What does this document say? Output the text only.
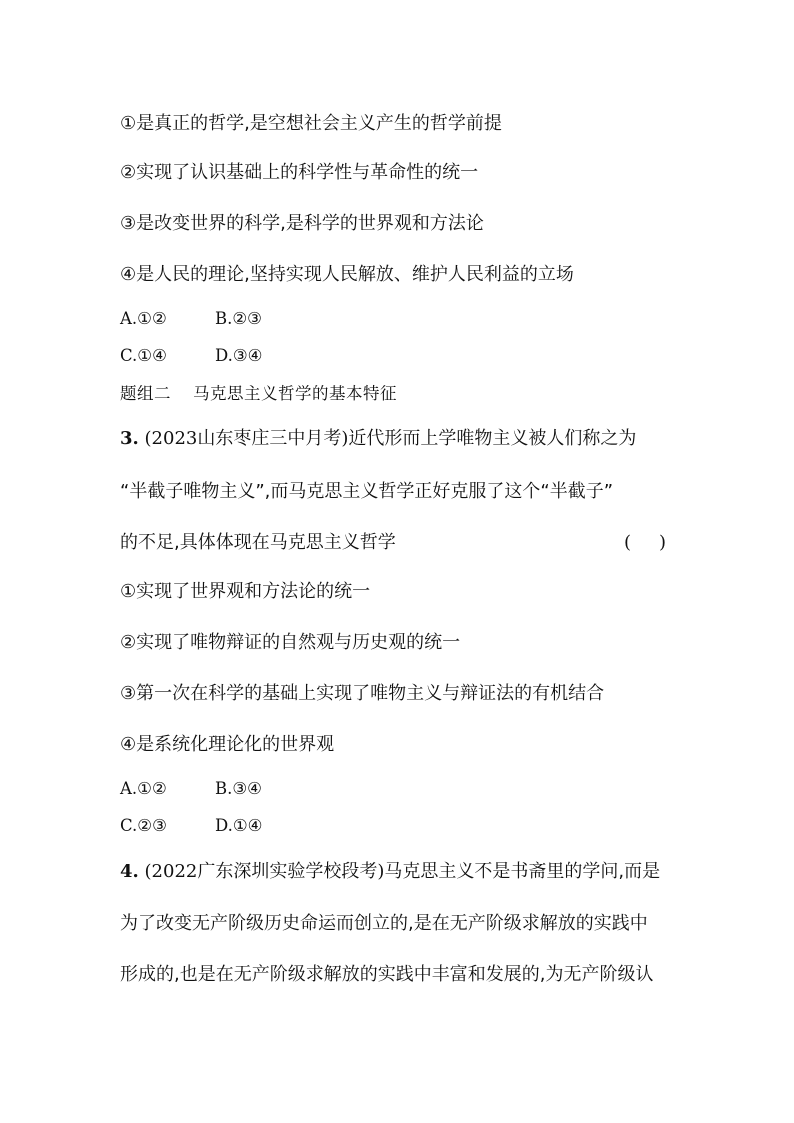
①是真正的哲学,是空想社会主义产生的哲学前提
②实现了认识基础上的科学性与革命性的统一
③是改变世界的科学,是科学的世界观和方法论
④是人民的理论,坚持实现人民解放、维护人民利益的立场
A.①②	B.②③
C.①④	D.③④
题组二 马克思主义哲学的基本特征
3. (2023山东枣庄三中月考)近代形而上学唯物主义被人们称之为
“半截子唯物主义”,而马克思主义哲学正好克服了这个“半截子”
的不足,具体体现在马克思主义哲学	( )
①实现了世界观和方法论的统一
②实现了唯物辩证的自然观与历史观的统一
③第一次在科学的基础上实现了唯物主义与辩证法的有机结合
④是系统化理论化的世界观
A.①②	B.③④
C.②③	D.①④
4. (2022广东深圳实验学校段考)马克思主义不是书斋里的学问,而是
为了改变无产阶级历史命运而创立的,是在无产阶级求解放的实践中
形成的,也是在无产阶级求解放的实践中丰富和发展的,为无产阶级认
